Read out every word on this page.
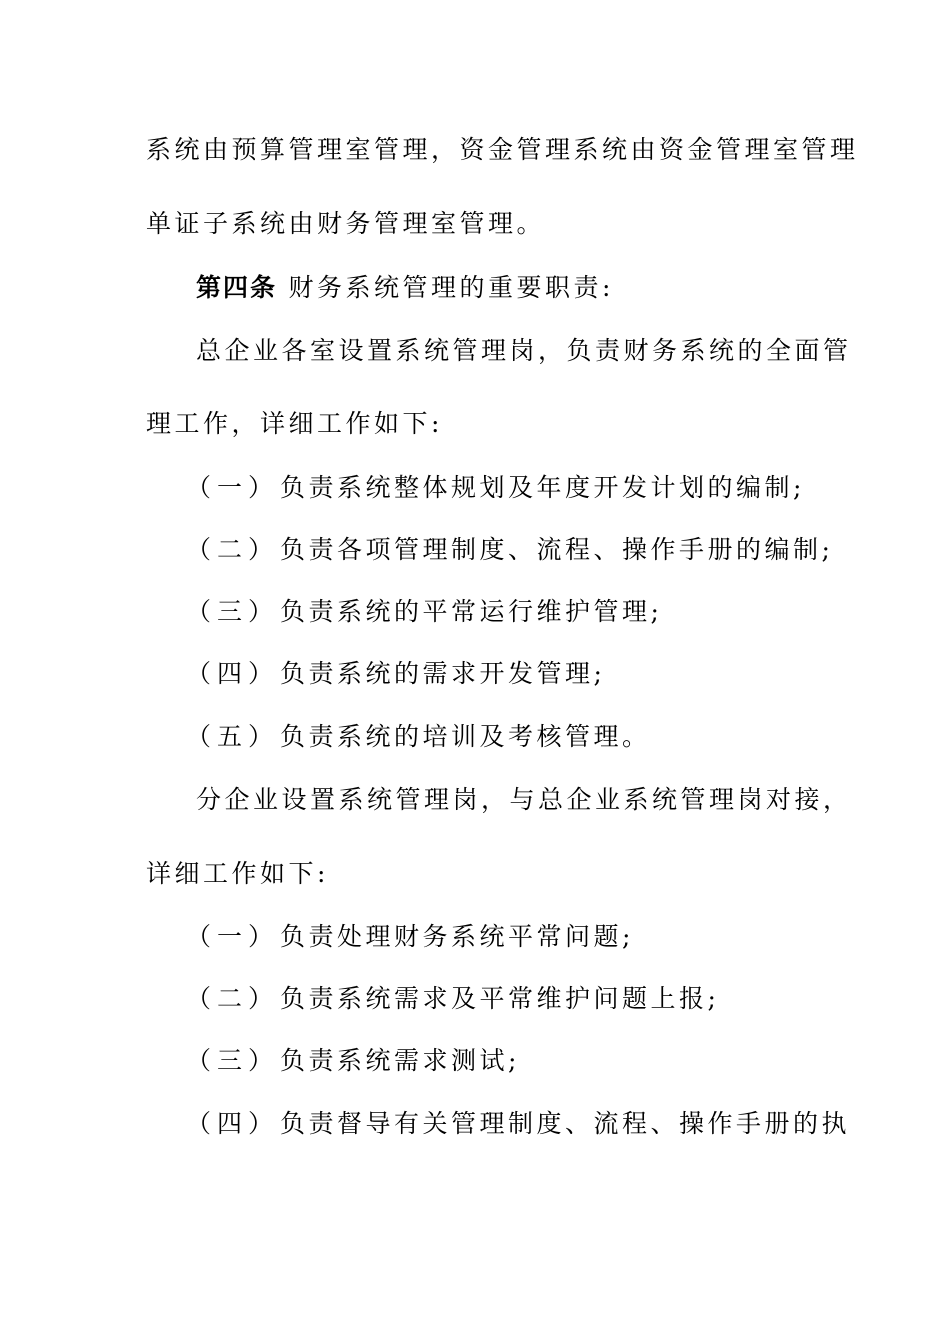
系统由预算管理室管理，资金管理系统由资金管理室管理
单证子系统由财务管理室管理。
第四条 财务系统管理的重要职责:
总企业各室设置系统管理岗，负责财务系统的全面管
理工作，详细工作如下:
（一） 负责系统整体规划及年度开发计划的编制;
（二） 负责各项管理制度、流程、操作手册的编制;
（三） 负责系统的平常运行维护管理;
（四） 负责系统的需求开发管理;
（五） 负责系统的培训及考核管理。
分企业设置系统管理岗，与总企业系统管理岗对接，
详细工作如下:
（一） 负责处理财务系统平常问题;
（二） 负责系统需求及平常维护问题上报;
（三） 负责系统需求测试;
（四） 负责督导有关管理制度、流程、操作手册的执
